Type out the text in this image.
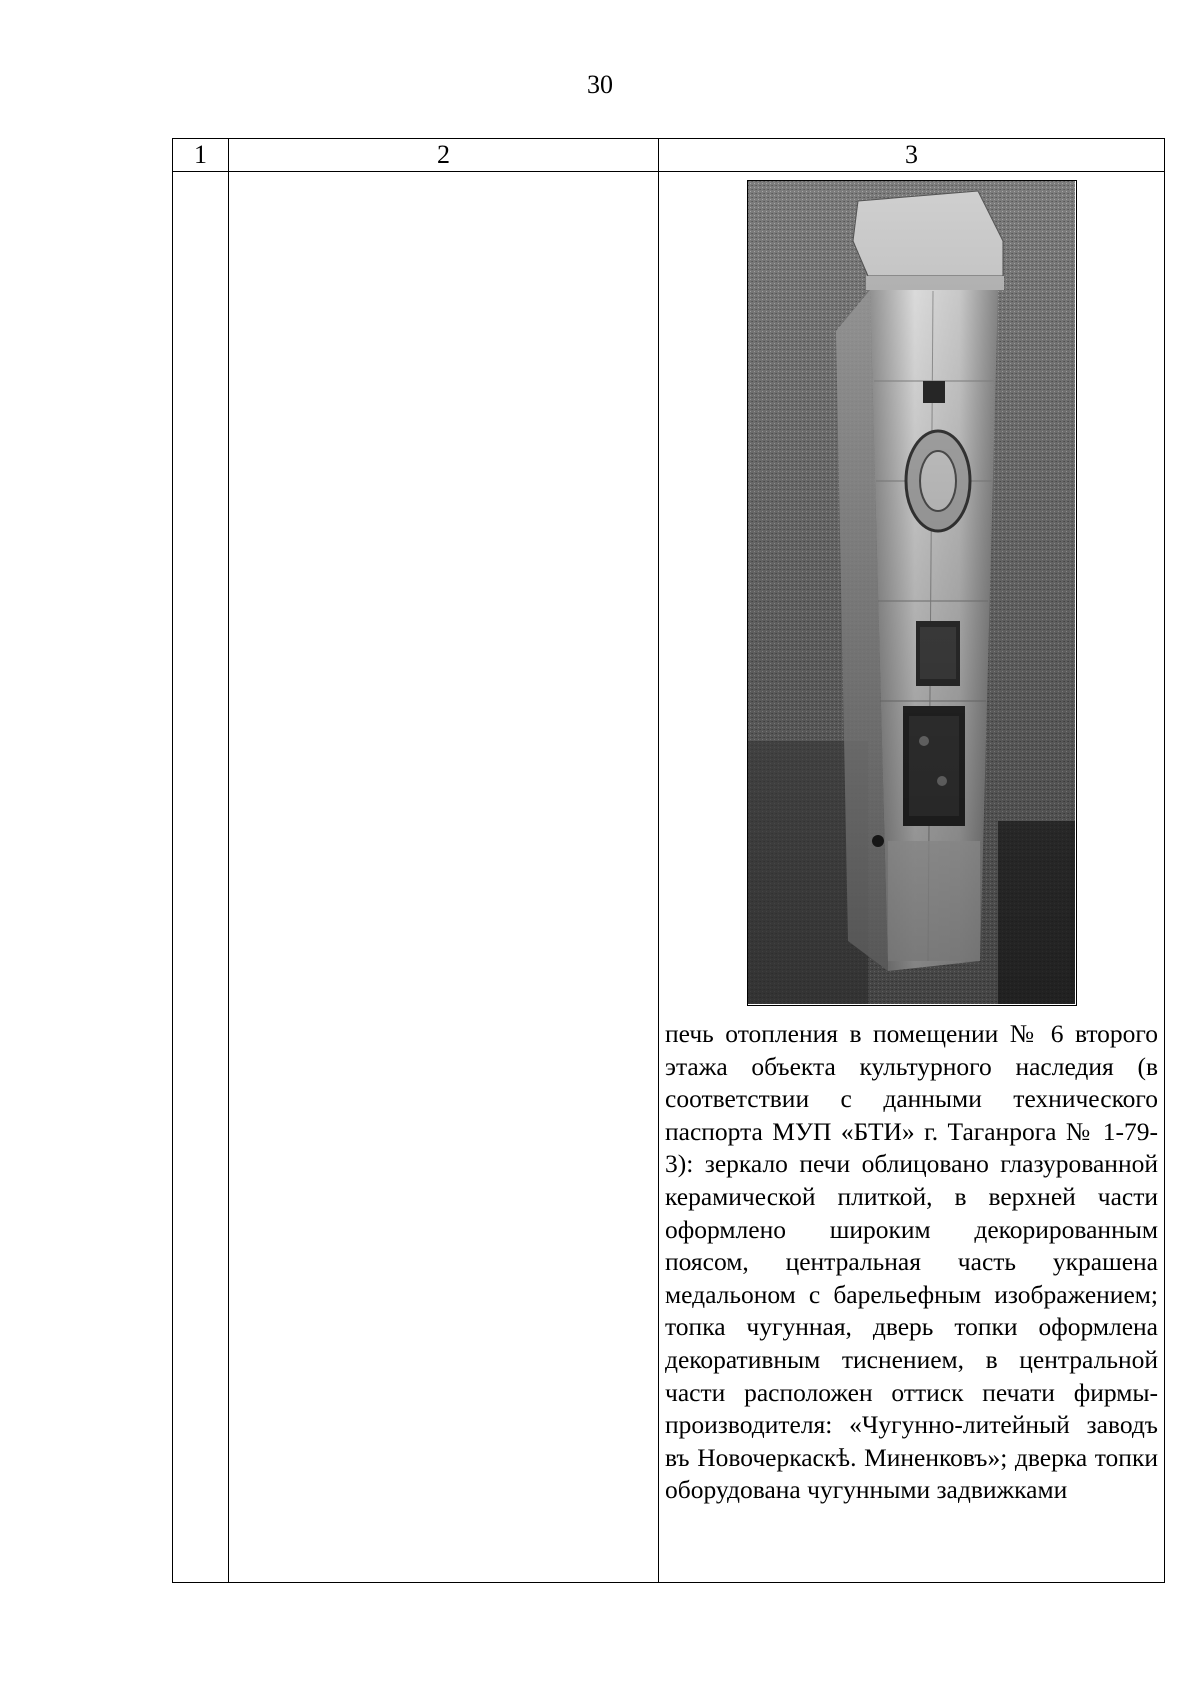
30
1	2	3

		печь отопления в помещении № 6 второго этажа объекта культурного наследия (в соответствии с данными технического паспорта МУП «БТИ» г. Таганрога № 1-79-3): зеркало печи облицовано глазурованной керамической плиткой, в верхней части оформлено широким декорированным поясом, центральная часть украшена медальоном с барельефным изображением; топка чугунная, дверь топки оформлена декоративным тиснением, в центральной части расположен оттиск печати фирмы-производителя: «Чугунно-литейный заводъ въ Новочеркаскѣ. Миненковъ»; дверка топки оборудована чугунными задвижками
